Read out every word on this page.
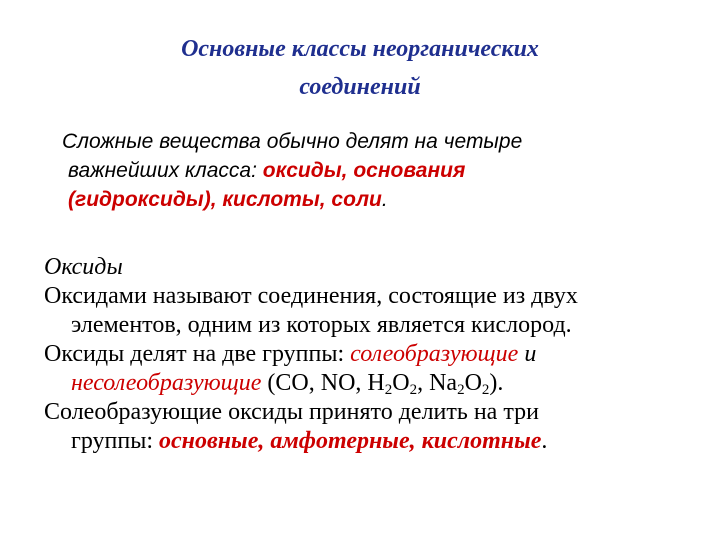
Основные классы неорганических
соединений
Сложные вещества обычно делят на четыре
важнейших класса: оксиды, основания
(гидроксиды), кислоты, соли.
Оксиды
Оксидами называют соединения, состоящие из двух
элементов, одним из которых является кислород.
Оксиды делят на две группы: солеобразующие и
несолеобразующие (CO, NO, $H_2O_2$, $Na_2O_2$).
Солеобразующие оксиды принято делить на три
группы: основные, амфотерные, кислотные.
